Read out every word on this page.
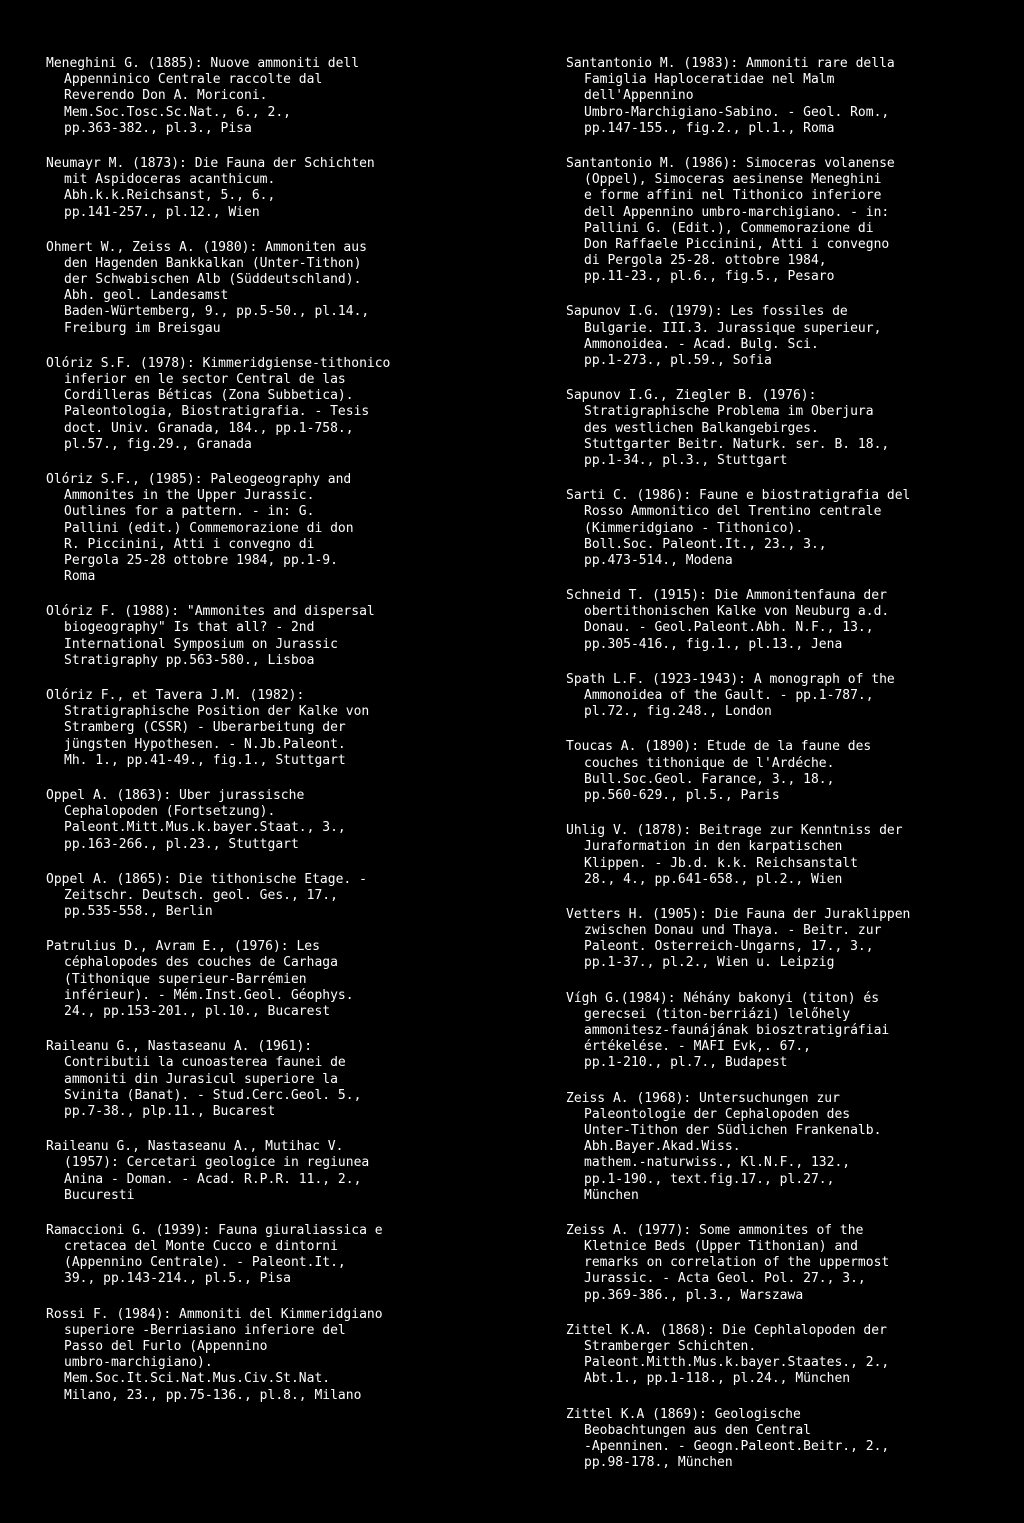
Meneghini G. (1885): Nuove ammoniti dell
Appenninico Centrale raccolte dal
Reverendo Don A. Moriconi.
Mem.Soc.Tosc.Sc.Nat., 6., 2.,
pp.363-382., pl.3., Pisa
Neumayr M. (1873): Die Fauna der Schichten
mit Aspidoceras acanthicum.
Abh.k.k.Reichsanst, 5., 6.,
pp.141-257., pl.12., Wien
Ohmert W., Zeiss A. (1980): Ammoniten aus
den Hagenden Bankkalkan (Unter-Tithon)
der Schwabischen Alb (Süddeutschland).
Abh. geol. Landesamst
Baden-Würtemberg, 9., pp.5-50., pl.14.,
Freiburg im Breisgau
Olóriz S.F. (1978): Kimmeridgiense-tithonico
inferior en le sector Central de las
Cordilleras Béticas (Zona Subbetica).
Paleontologia, Biostratigrafia. - Tesis
doct. Univ. Granada, 184., pp.1-758.,
pl.57., fig.29., Granada
Olóriz S.F., (1985): Paleogeography and
Ammonites in the Upper Jurassic.
Outlines for a pattern. - in: G.
Pallini (edit.) Commemorazione di don
R. Piccinini, Atti i convegno di
Pergola 25-28 ottobre 1984, pp.1-9.
Roma
Olóriz F. (1988): "Ammonites and dispersal
biogeography" Is that all? - 2nd
International Symposium on Jurassic
Stratigraphy pp.563-580., Lisboa
Olóriz F., et Tavera J.M. (1982):
Stratigraphische Position der Kalke von
Stramberg (CSSR) - Überarbeitung der
jüngsten Hypothesen. - N.Jb.Paleont.
Mh. 1., pp.41-49., fig.1., Stuttgart
Oppel A. (1863): Über jurassische
Cephalopoden (Fortsetzung).
Paleont.Mitt.Mus.k.bayer.Staat., 3.,
pp.163-266., pl.23., Stuttgart
Oppel A. (1865): Die tithonische Etage. -
Zeitschr. Deutsch. geol. Ges., 17.,
pp.535-558., Berlin
Patrulius D., Avram E., (1976): Les
céphalopodes des couches de Carhaga
(Tithonique superieur-Barrémien
inférieur). - Mém.Inst.Geol. Géophys.
24., pp.153-201., pl.10., Bucarest
Raileanu G., Nastaseanu A. (1961):
Contributii la cunoasterea faunei de
ammoniti din Jurasicul superiore la
Svinita (Banat). - Stud.Cerc.Geol. 5.,
pp.7-38., plp.11., Bucarest
Raileanu G., Nastaseanu A., Mutihac V.
(1957): Cercetari geologice in regiunea
Anina - Doman. - Acad. R.P.R. 11., 2.,
Bucuresti
Ramaccioni G. (1939): Fauna giuraliassica e
cretacea del Monte Cucco e dintorni
(Appennino Centrale). - Paleont.It.,
39., pp.143-214., pl.5., Pisa
Rossi F. (1984): Ammoniti del Kimmeridgiano
superiore -Berriasiano inferiore del
Passo del Furlo (Appennino
umbro-marchigiano).
Mem.Soc.It.Sci.Nat.Mus.Civ.St.Nat.
Milano, 23., pp.75-136., pl.8., Milano
Santantonio M. (1983): Ammoniti rare della
Famiglia Haploceratidae nel Malm
dell'Appennino
Umbro-Marchigiano-Sabino. - Geol. Rom.,
pp.147-155., fig.2., pl.1., Roma
Santantonio M. (1986): Simoceras volanense
(Oppel), Simoceras aesinense Meneghini
e forme affini nel Tithonico inferiore
dell Appennino umbro-marchigiano. - in:
Pallini G. (Edit.), Commemorazione di
Don Raffaele Piccinini, Atti i convegno
di Pergola 25-28. ottobre 1984,
pp.11-23., pl.6., fig.5., Pesaro
Sapunov I.G. (1979): Les fossiles de
Bulgarie. III.3. Jurassique superieur,
Ammonoidea. - Acad. Bulg. Sci.
pp.1-273., pl.59., Sofia
Sapunov I.G., Ziegler B. (1976):
Stratigraphische Problema im Oberjura
des westlichen Balkangebirges.
Stuttgarter Beitr. Naturk. ser. B. 18.,
pp.1-34., pl.3., Stuttgart
Sarti C. (1986): Faune e biostratigrafia del
Rosso Ammonitico del Trentino centrale
(Kimmeridgiano - Tithonico).
Boll.Soc. Paleont.It., 23., 3.,
pp.473-514., Modena
Schneid T. (1915): Die Ammonitenfauna der
obertithonischen Kalke von Neuburg a.d.
Donau. - Geol.Paleont.Abh. N.F., 13.,
pp.305-416., fig.1., pl.13., Jena
Spath L.F. (1923-1943): A monograph of the
Ammonoidea of the Gault. - pp.1-787.,
pl.72., fig.248., London
Toucas A. (1890): Étude de la faune des
couches tithonique de l'Ardéche.
Bull.Soc.Geol. Farance, 3., 18.,
pp.560-629., pl.5., Paris
Uhlig V. (1878): Beitrage zur Kenntniss der
Juraformation in den karpatischen
Klippen. - Jb.d. k.k. Reichsanstalt
28., 4., pp.641-658., pl.2., Wien
Vetters H. (1905): Die Fauna der Juraklippen
zwischen Donau und Thaya. - Beitr. zur
Paleont. Österreich-Ungarns, 17., 3.,
pp.1-37., pl.2., Wien u. Leipzig
Vígh G.(1984): Néhány bakonyi (titon) és
gerecsei (titon-berriázi) lelőhely
ammonitesz-faunájának biosztratigráfiai
értékelése. - MÁFI Évk,. 67.,
pp.1-210., pl.7., Budapest
Zeiss A. (1968): Untersuchungen zur
Paleontologie der Cephalopoden des
Unter-Tithon der Südlichen Frankenalb.
Abh.Bayer.Akad.Wiss.
mathem.-naturwiss., Kl.N.F., 132.,
pp.1-190., text.fig.17., pl.27.,
München
Zeiss A. (1977): Some ammonites of the
Kletnice Beds (Upper Tithonian) and
remarks on correlation of the uppermost
Jurassic. - Acta Geol. Pol. 27., 3.,
pp.369-386., pl.3., Warszawa
Zittel K.A. (1868): Die Cephlalopoden der
Stramberger Schichten.
Paleont.Mitth.Mus.k.bayer.Staates., 2.,
Abt.1., pp.1-118., pl.24., München
Zittel K.A (1869): Geologische
Beobachtungen aus den Central
-Apenninen. - Geogn.Paleont.Beitr., 2.,
pp.98-178., München
